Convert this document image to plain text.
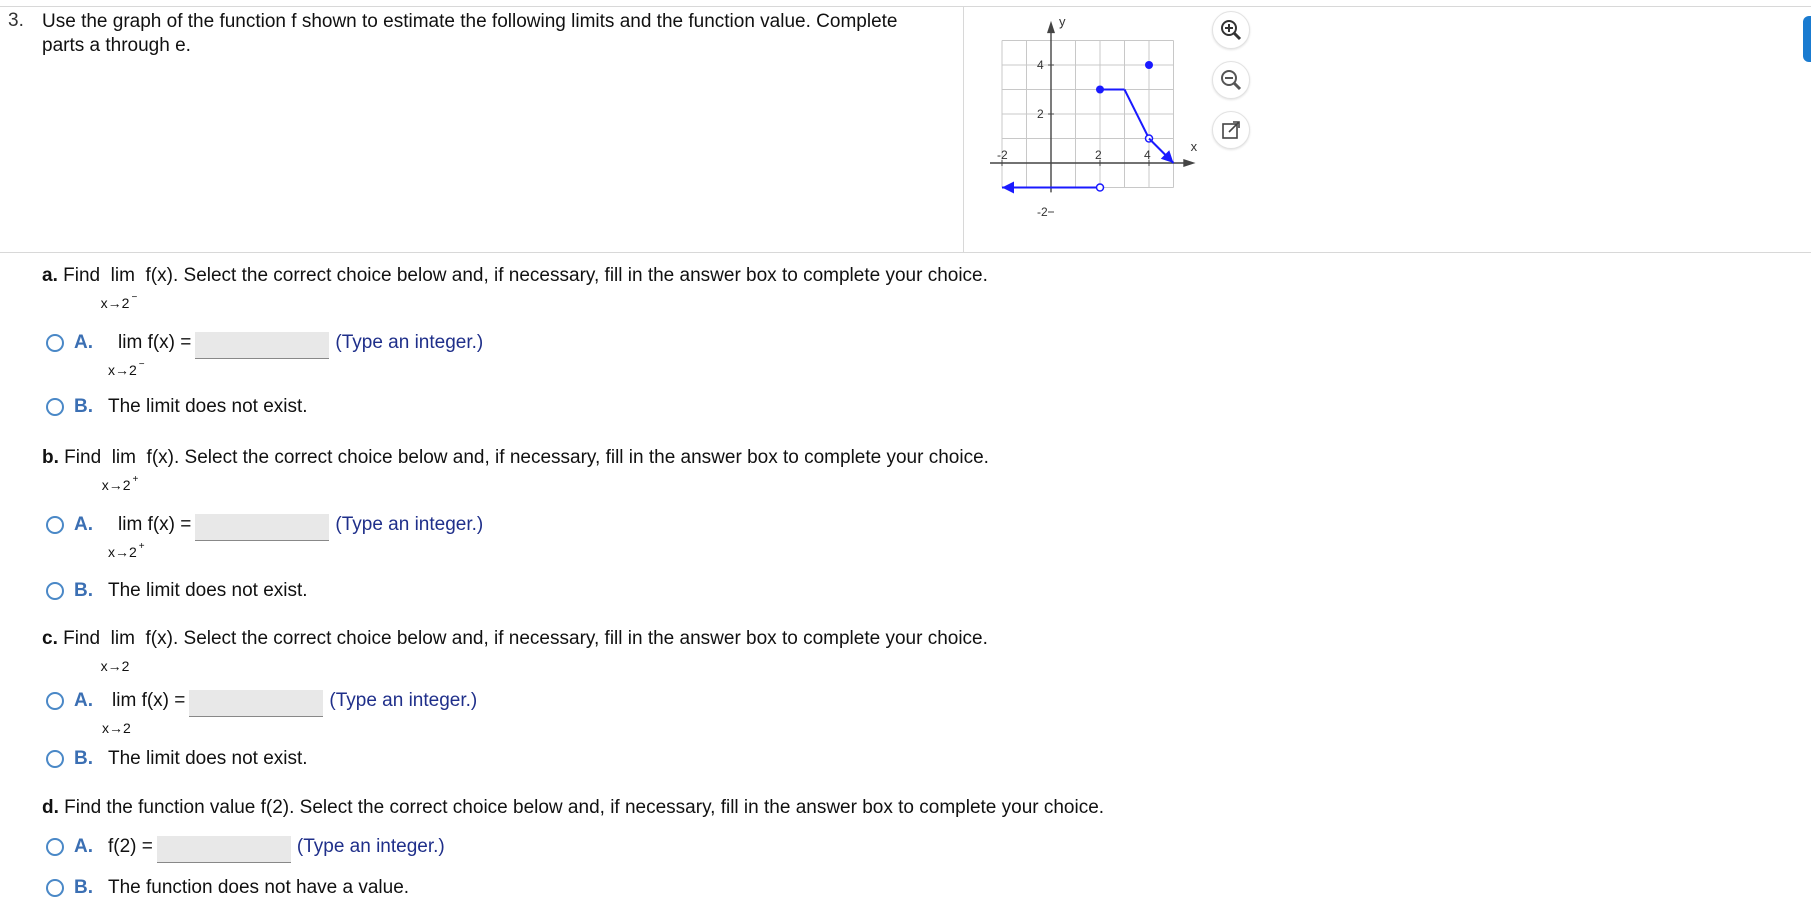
3. Use the graph of the function f shown to estimate the following limits and the function value. Complete parts a through e.
x
y
-2	2	4
4
2
-2
a. Find lim
x→2 −
f(x). Select the correct choice below and, if necessary, fill in the answer box to complete your choice.
A.	lim
x→2 −

f(x) =	(Type an integer.)
B. The limit does not exist.
b. Find lim
x→2 +
f(x). Select the correct choice below and, if necessary, fill in the answer box to complete your choice.
A.	lim
x→2 +

f(x) =	(Type an integer.)
B. The limit does not exist.
c. Find lim
x→2
f(x). Select the correct choice below and, if necessary, fill in the answer box to complete your choice.
A.	lim
x→2

f(x) =	(Type an integer.)
B. The limit does not exist.
d. Find the function value f(2). Select the correct choice below and, if necessary, fill in the answer box to complete your choice.
A. f(2) =	(Type an integer.)
B. The function does not have a value.
